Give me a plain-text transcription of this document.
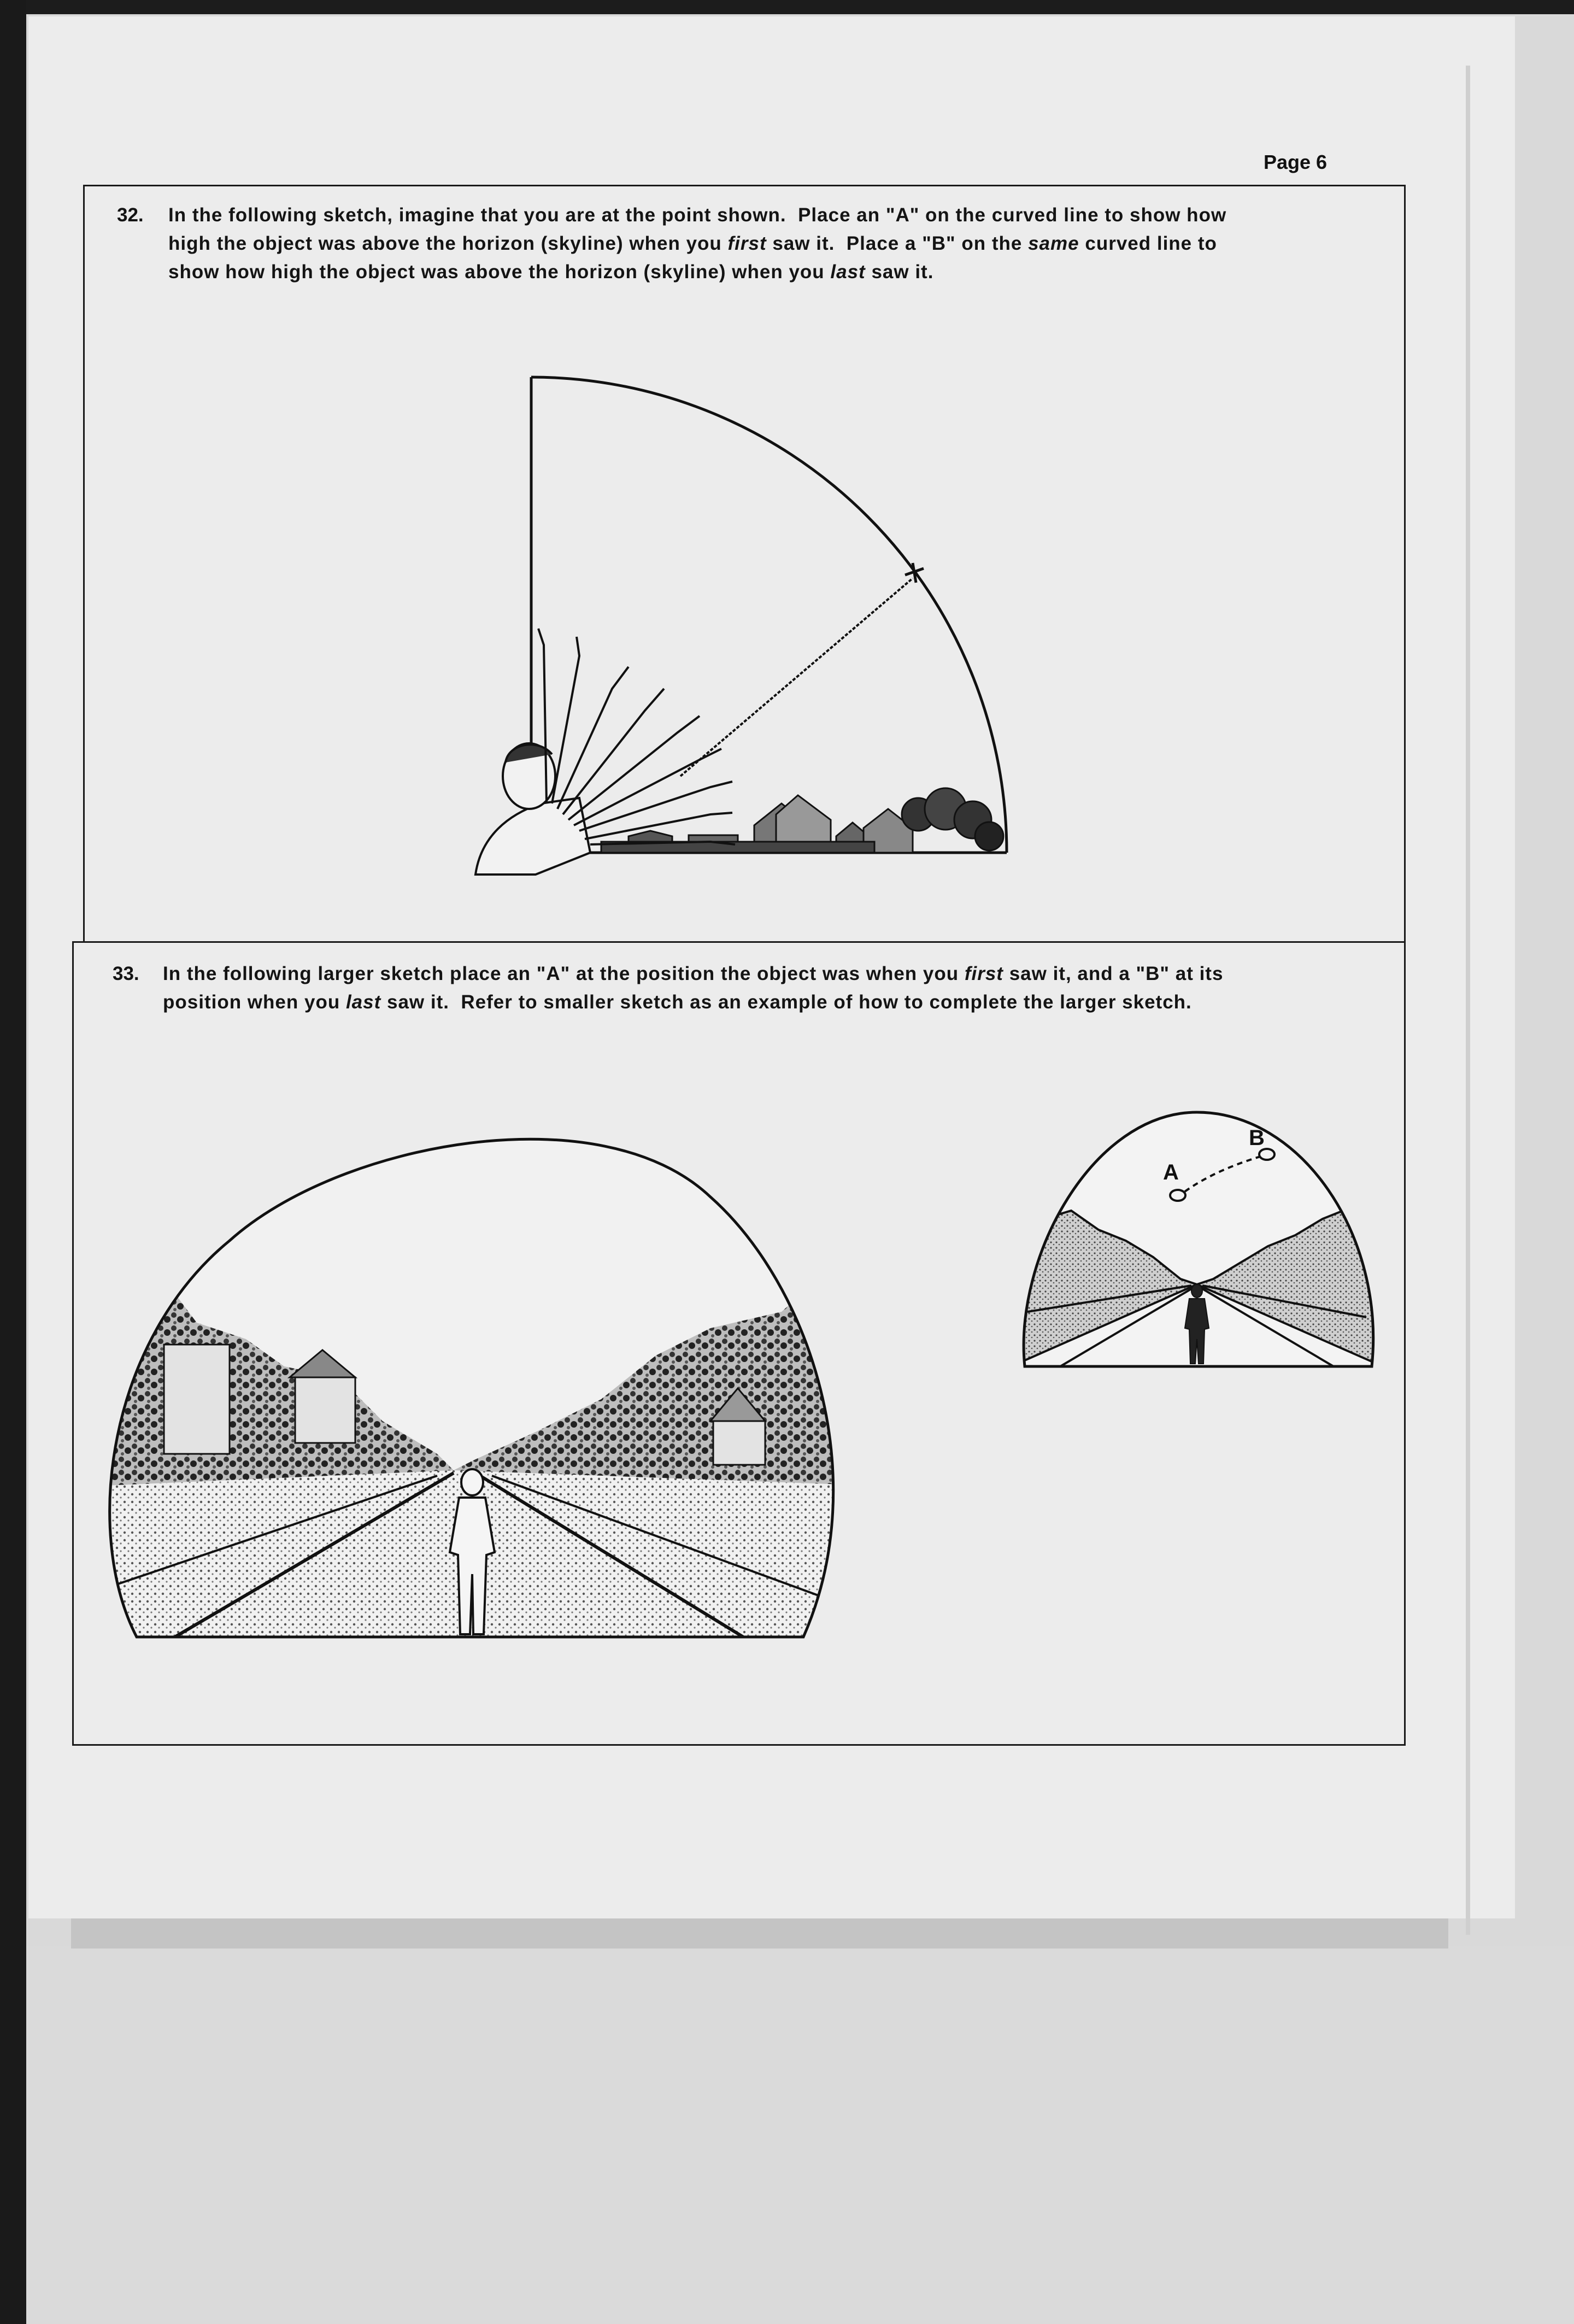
Page 6
32. In the following sketch, imagine that you are at the point shown.  Place an "A" on the curved line to show how
high the object was above the horizon (skyline) when you first saw it.  Place a "B" on the same curved line to
show how high the object was above the horizon (skyline) when you last saw it.
33. In the following larger sketch place an "A" at the position the object was when you first saw it, and a "B" at its
position when you last saw it.  Refer to smaller sketch as an example of how to complete the larger sketch.
A
B
